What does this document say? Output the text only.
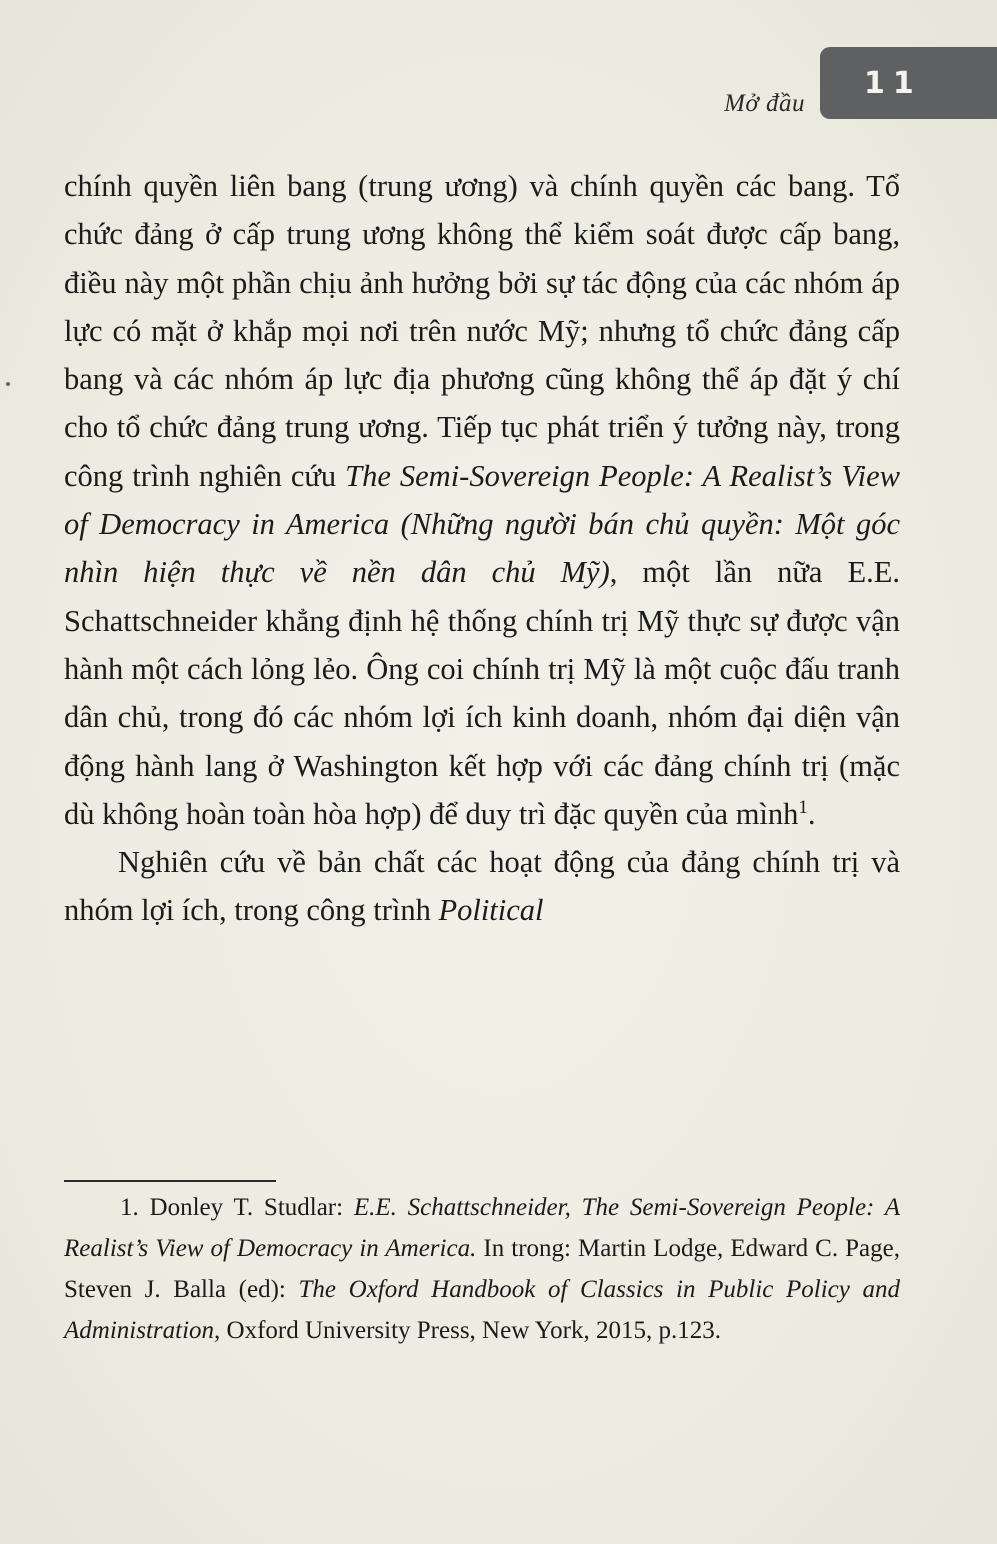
Mở đầu
11

chính quyền liên bang (trung ương) và chính quyền các bang. Tổ chức đảng ở cấp trung ương không thể kiểm soát được cấp bang, điều này một phần chịu ảnh hưởng bởi sự tác động của các nhóm áp lực có mặt ở khắp mọi nơi trên nước Mỹ; nhưng tổ chức đảng cấp bang và các nhóm áp lực địa phương cũng không thể áp đặt ý chí cho tổ chức đảng trung ương. Tiếp tục phát triển ý tưởng này, trong công trình nghiên cứu The Semi-Sovereign People: A Realist’s View of Democracy in America (Những người bán chủ quyền: Một góc nhìn hiện thực về nền dân chủ Mỹ), một lần nữa E.E. Schattschneider khẳng định hệ thống chính trị Mỹ thực sự được vận hành một cách lỏng lẻo. Ông coi chính trị Mỹ là một cuộc đấu tranh dân chủ, trong đó các nhóm lợi ích kinh doanh, nhóm đại diện vận động hành lang ở Washington kết hợp với các đảng chính trị (mặc dù không hoàn toàn hòa hợp) để duy trì đặc quyền của mình$^1$.

Nghiên cứu về bản chất các hoạt động của đảng chính trị và nhóm lợi ích, trong công trình Political

1. Donley T. Studlar: E.E. Schattschneider, The Semi-Sovereign People: A Realist’s View of Democracy in America. In trong: Martin Lodge, Edward C. Page, Steven J. Balla (ed): The Oxford Handbook of Classics in Public Policy and Administration, Oxford University Press, New York, 2015, p.123.
